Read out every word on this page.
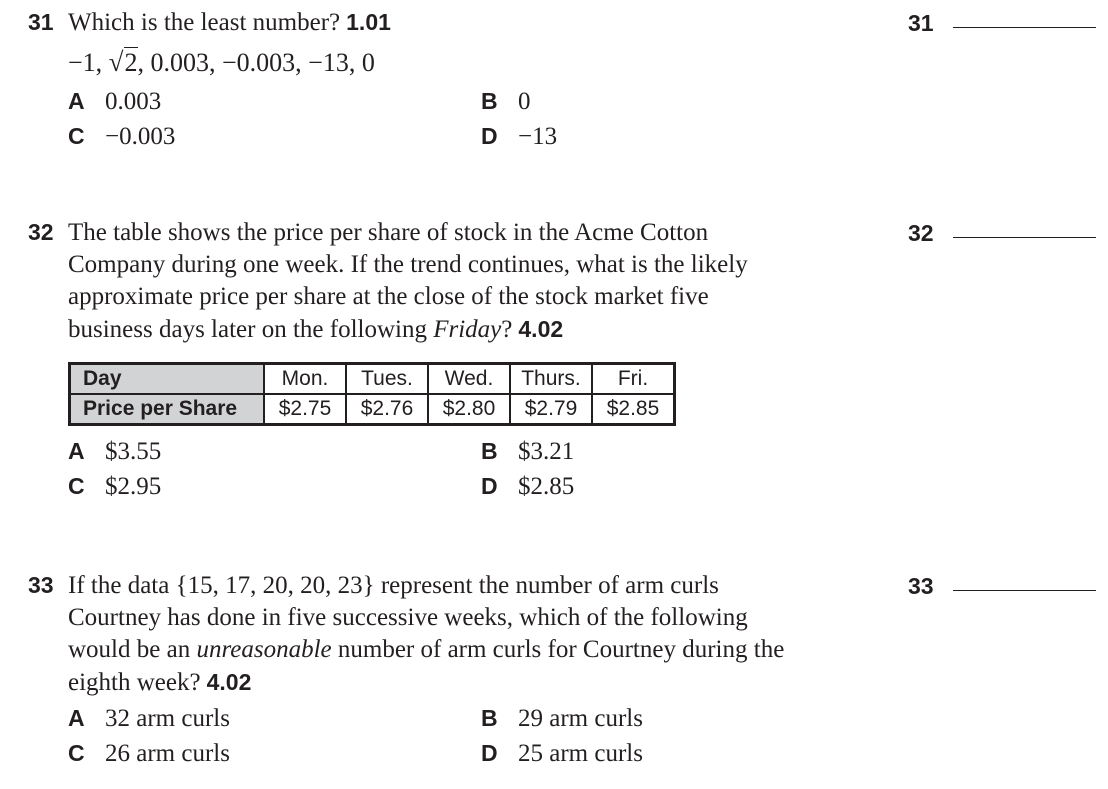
31 Which is the least number? 1.01
−1, √2, 0.003, −0.003, −13, 0
A 0.003	B 0
C −0.003	D −13
31
32 The table shows the price per share of stock in the Acme Cotton
Company during one week. If the trend continues, what is the likely
approximate price per share at the close of the stock market five
business days later on the following Friday? 4.02
Day	Mon.	Tues.	Wed.	Thurs.	Fri.
Price per Share	$2.75	$2.76	$2.80	$2.79	$2.85
A $3.55	B $3.21
C $2.95	D $2.85
32
33 If the data {15, 17, 20, 20, 23} represent the number of arm curls
Courtney has done in five successive weeks, which of the following
would be an unreasonable number of arm curls for Courtney during the
eighth week? 4.02
A 32 arm curls	B 29 arm curls
C 26 arm curls	D 25 arm curls
33
